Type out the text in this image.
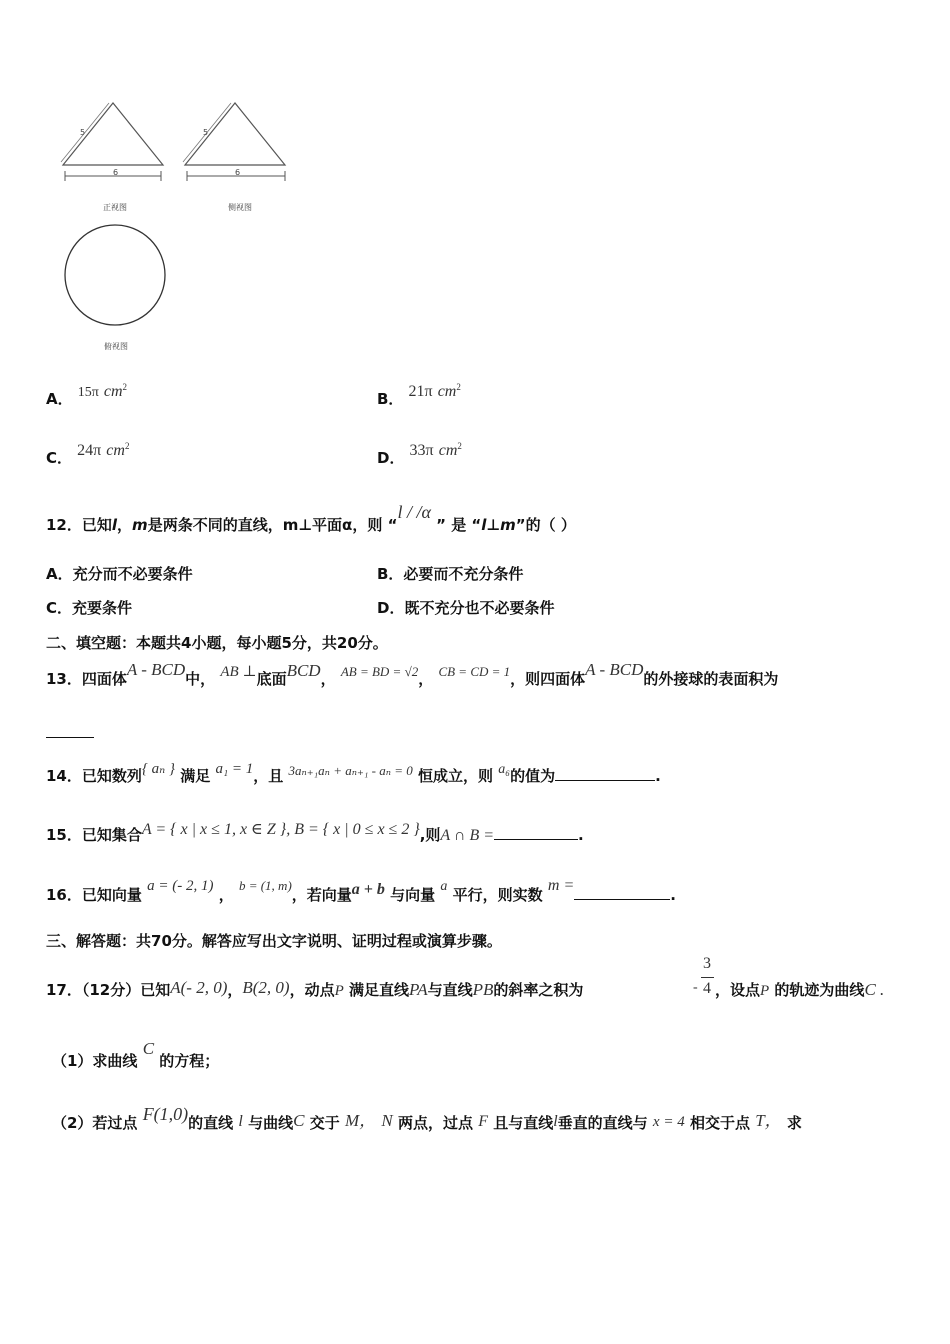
5
6
5
6
正视图	侧视图
俯视图
A． 15π $cm^2$
B． 21π $cm^2$
C． 24π $cm^2$
D． 33π $cm^2$
12．已知l，m是两条不同的直线，m⊥平面α，则 “l / /α ” 是 “l⊥m”的（ ）
A．充分而不必要条件	B．必要而不充分条件
C．充要条件	D．既不充分也不必要条件
二、填空题：本题共4小题，每小题5分，共20分。
13．四面体A - BCD中， AB ⊥底面BCD， AB = BD = √2， CB = CD = 1，则四面体A - BCD的外接球的表面积为
14．已知数列{ aₙ } 满足 a₁ = 1，且 3aₙ₊₁aₙ + aₙ₊₁ - aₙ = 0 恒成立，则 a₆的值为	.
15．已知集合A = { x | x ≤ 1, x ∈ Z }, B = { x | 0 ≤ x ≤ 2 },则A ∩ B =	.
16．已知向量 a = (- 2, 1) ， b = (1, m)，若向量a + b 与向量 a 平行，则实数 m =.
三、解答题：共70分。解答应写出文字说明、证明过程或演算步骤。
17．（12分）已知A(- 2, 0)，B(2, 0)，动点P 满足直线PA与直线PB的斜率之积为	-
3
4 ，设点P 的轨迹为曲线C .
（1）求曲线 C 的方程；
（2）若过点 F(1,0)的直线 l 与曲线C 交于 M， N 两点，过点 F 且与直线l垂直的直线与 x = 4 相交于点 T， 求
